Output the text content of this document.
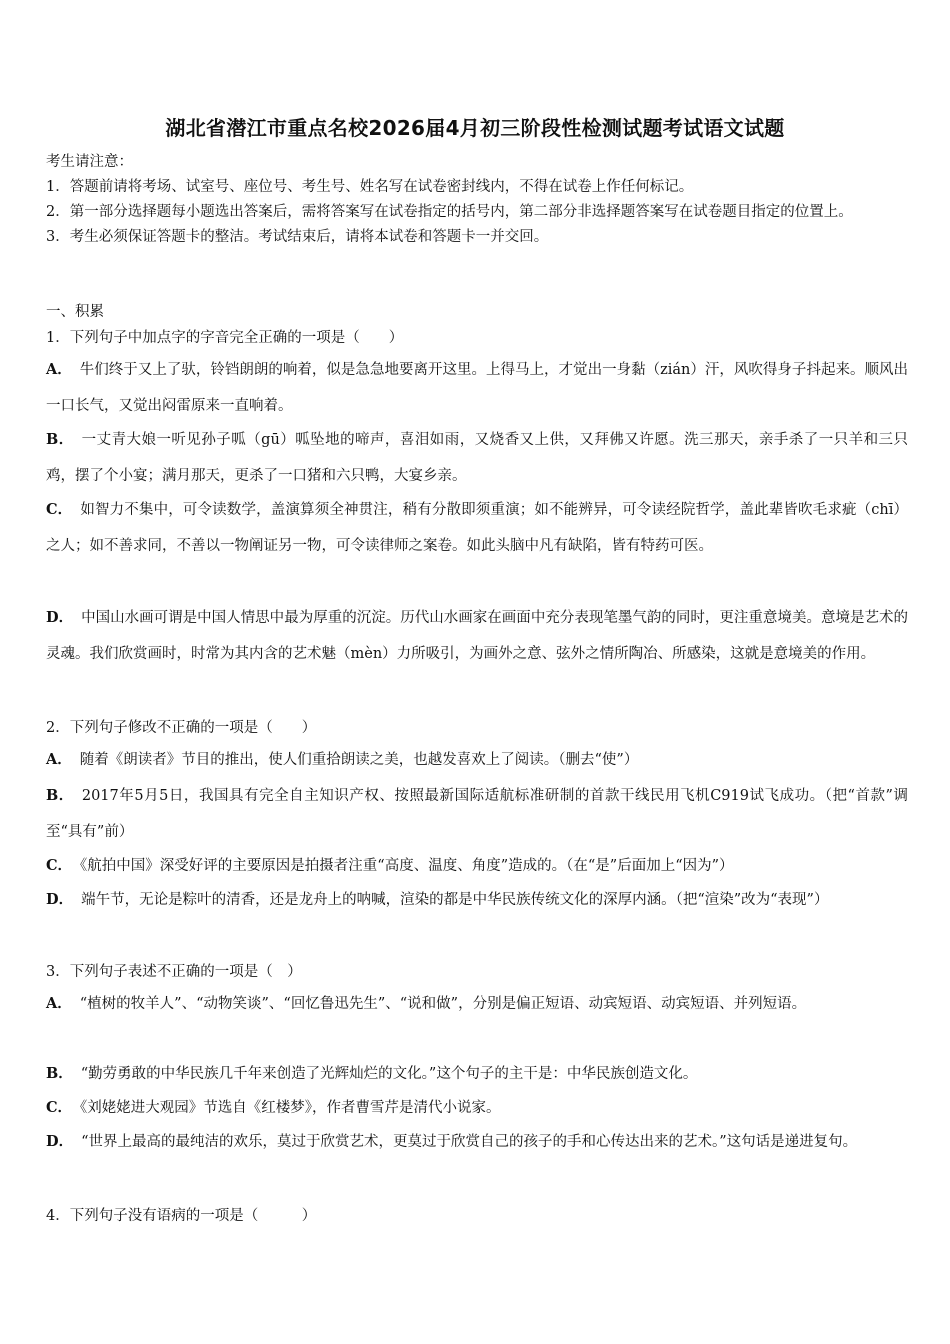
湖北省潜江市重点名校2026届4月初三阶段性检测试题考试语文试题
考生请注意：
1．答题前请将考场、试室号、座位号、考生号、姓名写在试卷密封线内，不得在试卷上作任何标记。
2．第一部分选择题每小题选出答案后，需将答案写在试卷指定的括号内，第二部分非选择题答案写在试卷题目指定的位置上。
3．考生必须保证答题卡的整洁。考试结束后，请将本试卷和答题卡一并交回。
一、积累
1．下列句子中加点字的字音完全正确的一项是（　　）
A． 牛们终于又上了驮，铃铛朗朗的响着，似是急急地要离开这里。上得马上，才觉出一身黏（zián）汗，风吹得身子抖起来。顺风出一口长气，又觉出闷雷原来一直响着。
B． 一丈青大娘一听见孙子呱（gū）呱坠地的啼声，喜泪如雨，又烧香又上供，又拜佛又许愿。洗三那天，亲手杀了一只羊和三只鸡，摆了个小宴；满月那天，更杀了一口猪和六只鸭，大宴乡亲。
C． 如智力不集中，可令读数学，盖演算须全神贯注，稍有分散即须重演；如不能辨异，可令读经院哲学，盖此辈皆吹毛求疵（chī）之人；如不善求同，不善以一物阐证另一物，可令读律师之案卷。如此头脑中凡有缺陷，皆有特药可医。
D． 中国山水画可谓是中国人情思中最为厚重的沉淀。历代山水画家在画面中充分表现笔墨气韵的同时，更注重意境美。意境是艺术的灵魂。我们欣赏画时，时常为其内含的艺术魅（mèn）力所吸引，为画外之意、弦外之情所陶冶、所感染，这就是意境美的作用。
2．下列句子修改不正确的一项是（　　）
A． 随着《朗读者》节目的推出，使人们重拾朗读之美，也越发喜欢上了阅读。（删去“使”）
B． 2017年5月5日，我国具有完全自主知识产权、按照最新国际适航标准研制的首款干线民用飞机C919试飞成功。（把“首款”调至“具有”前）
C． 《航拍中国》深受好评的主要原因是拍摄者注重“高度、温度、角度”造成的。（在“是”后面加上“因为”）
D． 端午节，无论是粽叶的清香，还是龙舟上的呐喊，渲染的都是中华民族传统文化的深厚内涵。（把“渲染”改为“表现”）
3．下列句子表述不正确的一项是（　）
A． “植树的牧羊人”、“动物笑谈”、“回忆鲁迅先生”、“说和做”，分别是偏正短语、动宾短语、动宾短语、并列短语。
B． “勤劳勇敢的中华民族几千年来创造了光辉灿烂的文化。”这个句子的主干是：中华民族创造文化。
C． 《刘姥姥进大观园》节选自《红楼梦》，作者曹雪芹是清代小说家。
D． “世界上最高的最纯洁的欢乐，莫过于欣赏艺术，更莫过于欣赏自己的孩子的手和心传达出来的艺术。”这句话是递进复句。
4．下列句子没有语病的一项是（　　　）
